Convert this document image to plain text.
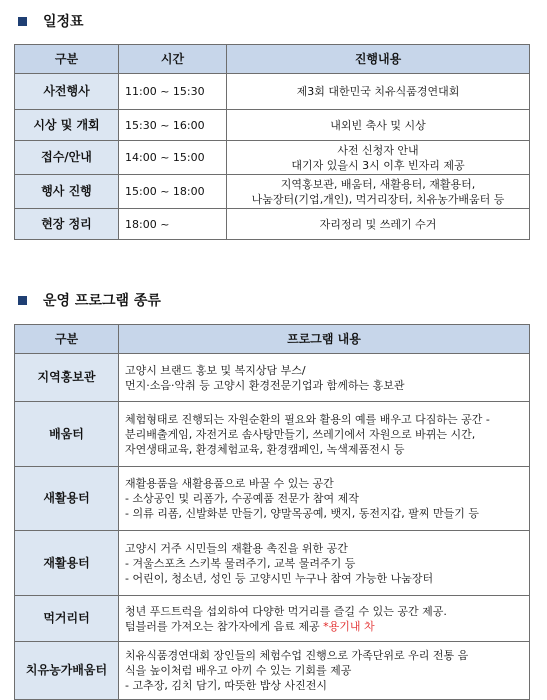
일정표
구분	시간	진행내용
사전행사	11:00 ~ 15:30	제3회 대한민국 치유식품경연대회

시상 및 개회	15:30 ~ 16:00	내외빈 축사 및 시상

접수/안내	14:00 ~ 15:00	사전 신청자 안내
대기자 있을시 3시 이후 빈자리 제공

행사 진행	15:00 ~ 18:00	지역홍보관, 배움터, 새활용터, 재활용터,
나눔장터(기업,개인), 먹거리장터, 치유농가배움터 등

현장 정리	18:00 ~	자리정리 및 쓰레기 수거
운영 프로그램 종류
구분	프로그램 내용
지역홍보관	고양시 브랜드 홍보 및 복지상담 부스/
먼지·소음·악취 등 고양시 환경전문기업과 함께하는 홍보관

배움터	체험형태로 진행되는 자원순환의 필요와 활용의 예를 배우고 다짐하는 공간 -
분리배출게임, 자전거로 솜사탕만들기, 쓰레기에서 자원으로 바뀌는 시간,
자연생태교육, 환경체험교육, 환경캠페인, 녹색제품전시 등

새활용터	재활용품을 새활용품으로 바꿀 수 있는 공간
- 소상공인 및 리폼가, 수공예품 전문가 참여 제작
- 의류 리폼, 신발화분 만들기, 양말목공예, 뱃지, 동전지갑, 팔찌 만들기 등

재활용터	고양시 거주 시민들의 재활용 촉진을 위한 공간
- 겨울스포츠 스키복 물려주기, 교복 물려주기 등
- 어린이, 청소년, 성인 등 고양시민 누구나 참여 가능한 나눔장터

먹거리터	청년 푸드트럭을 섭외하여 다양한 먹거리를 즐길 수 있는 공간 제공.
텀블러를 가져오는 참가자에게 음료 제공 *용기내 차

치유농가배움터	치유식품경연대회 장인들의 체험수업 진행으로 가족단위로 우리 전통 음
식을 높이처럼 배우고 아끼 수 있는 기회를 제공
- 고추장, 김치 담기, 따뜻한 밥상 사진전시
